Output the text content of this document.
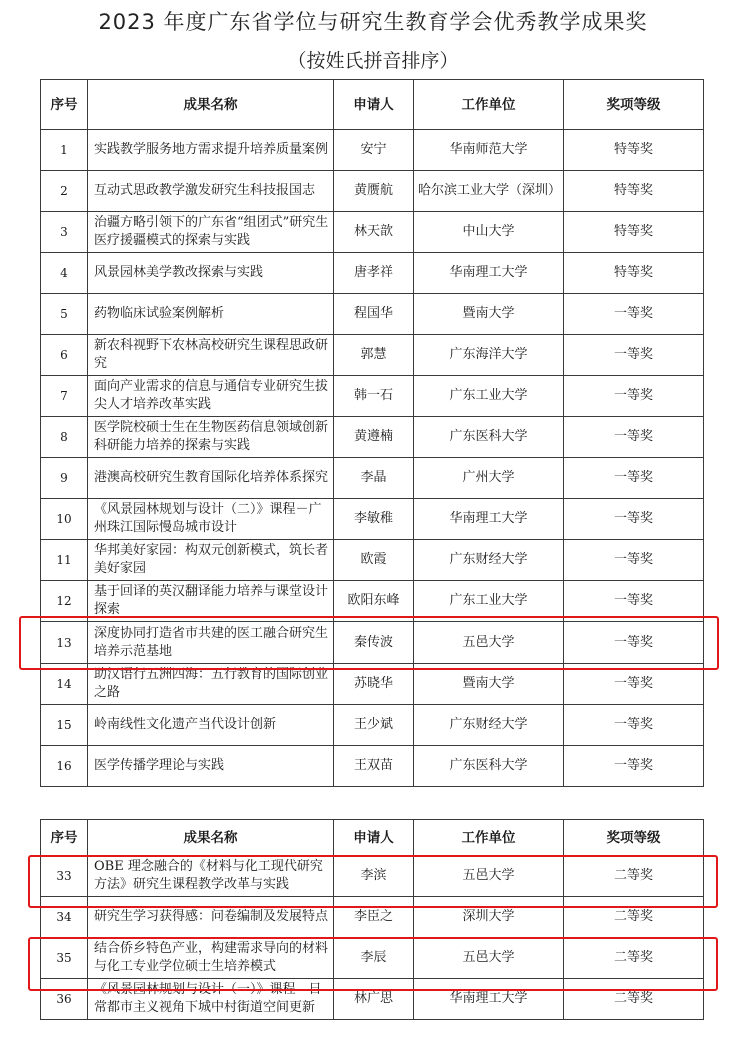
2023 年度广东省学位与研究生教育学会优秀教学成果奖
（按姓氏拼音排序）
序号	成果名称	申请人	工作单位	奖项等级
1	实践教学服务地方需求提升培养质量案例	安宁	华南师范大学	特等奖
2	互动式思政教学激发研究生科技报国志	黄赝航	哈尔滨工业大学（深圳）	特等奖
3	治疆方略引领下的广东省“组团式”研究生医疗援疆模式的探索与实践	林天歆	中山大学	特等奖
4	风景园林美学教改探索与实践	唐孝祥	华南理工大学	特等奖
5	药物临床试验案例解析	程国华	暨南大学	一等奖
6	新农科视野下农林高校研究生课程思政研究	郭慧	广东海洋大学	一等奖
7	面向产业需求的信息与通信专业研究生拔尖人才培养改革实践	韩一石	广东工业大学	一等奖
8	医学院校硕士生在生物医药信息领域创新科研能力培养的探索与实践	黄遵楠	广东医科大学	一等奖
9	港澳高校研究生教育国际化培养体系探究	李晶	广州大学	一等奖
10	《风景园林规划与设计（二）》课程－广州珠江国际慢岛城市设计	李敏稚	华南理工大学	一等奖
11	华邦美好家园：构双元创新模式，筑长者美好家园	欧霞	广东财经大学	一等奖
12	基于回译的英汉翻译能力培养与课堂设计探索	欧阳东峰	广东工业大学	一等奖
13	深度协同打造省市共建的医工融合研究生培养示范基地	秦传波	五邑大学	一等奖
14	助汉语行五洲四海：五行教育的国际创业之路	苏晓华	暨南大学	一等奖
15	岭南线性文化遗产当代设计创新	王少斌	广东财经大学	一等奖
16	医学传播学理论与实践	王双苗	广东医科大学	一等奖
序号	成果名称	申请人	工作单位	奖项等级
33	OBE 理念融合的《材料与化工现代研究方法》研究生课程教学改革与实践	李滨	五邑大学	二等奖
34	研究生学习获得感：问卷编制及发展特点	李臣之	深圳大学	二等奖
35	结合侨乡特色产业，构建需求导向的材料与化工专业学位硕士生培养模式	李辰	五邑大学	二等奖
36	《风景园林规划与设计（一）》课程—日常都市主义视角下城中村街道空间更新	林广思	华南理工大学	二等奖
